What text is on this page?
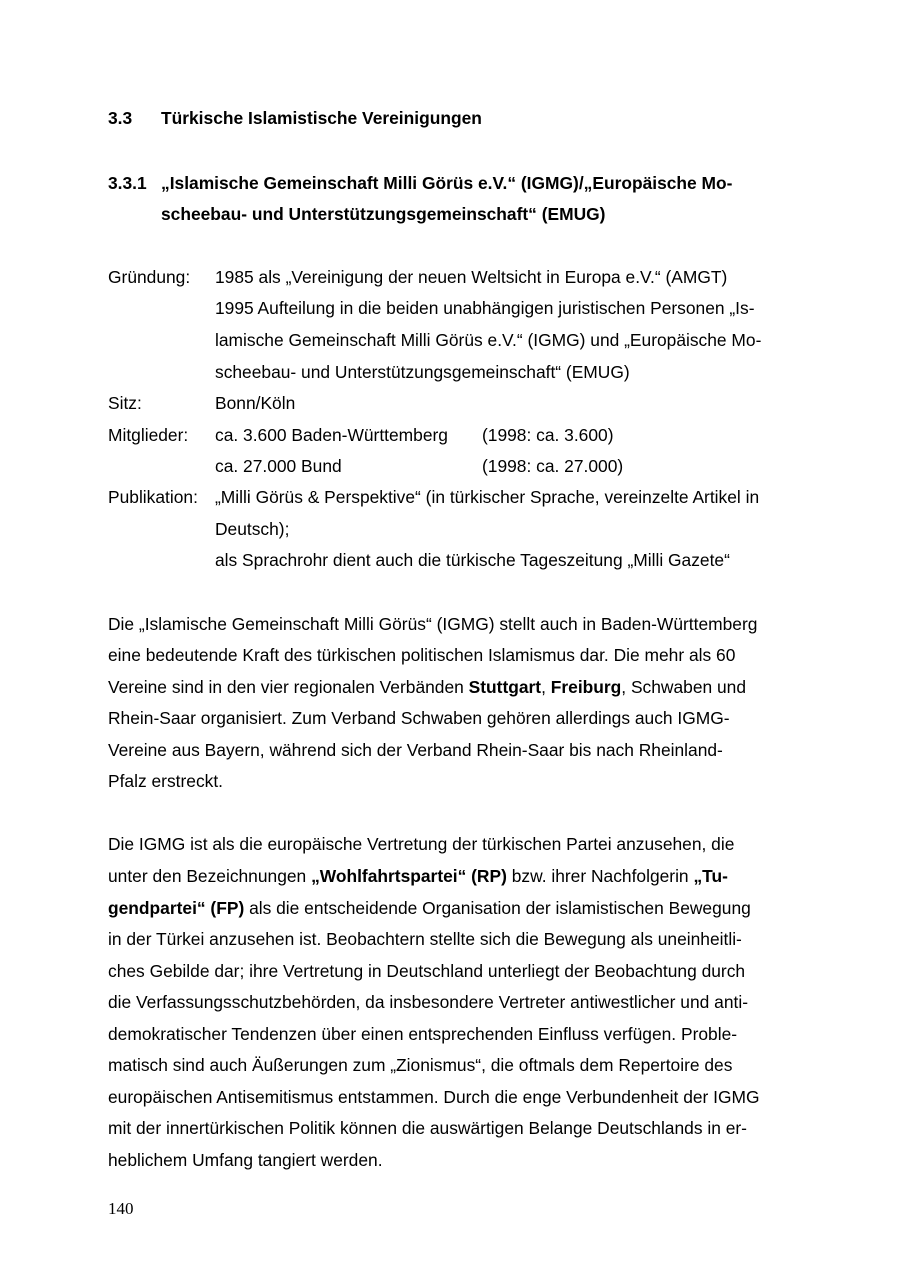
3.3 Türkische Islamistische Vereinigungen
3.3.1 „Islamische Gemeinschaft Milli Görüs e.V.“ (IGMG)/„Europäische Mo-
scheebau- und Unterstützungsgemeinschaft“ (EMUG)
Gründung: 1985 als „Vereinigung der neuen Weltsicht in Europa e.V.“ (AMGT)
1995 Aufteilung in die beiden unabhängigen juristischen Personen „Is-
lamische Gemeinschaft Milli Görüs e.V.“ (IGMG) und „Europäische Mo-
scheebau- und Unterstützungsgemeinschaft“ (EMUG)
Sitz:	Bonn/Köln
Mitglieder: ca. 3.600 Baden-Württemberg (1998: ca. 3.600)
ca. 27.000 Bund	(1998: ca. 27.000)
Publikation: „Milli Görüs & Perspektive“ (in türkischer Sprache, vereinzelte Artikel in
Deutsch);
als Sprachrohr dient auch die türkische Tageszeitung „Milli Gazete“
Die „Islamische Gemeinschaft Milli Görüs“ (IGMG) stellt auch in Baden-Württemberg
eine bedeutende Kraft des türkischen politischen Islamismus dar. Die mehr als 60
Vereine sind in den vier regionalen Verbänden Stuttgart, Freiburg, Schwaben und
Rhein-Saar organisiert. Zum Verband Schwaben gehören allerdings auch IGMG-
Vereine aus Bayern, während sich der Verband Rhein-Saar bis nach Rheinland-
Pfalz erstreckt.
Die IGMG ist als die europäische Vertretung der türkischen Partei anzusehen, die
unter den Bezeichnungen „Wohlfahrtspartei“ (RP) bzw. ihrer Nachfolgerin „Tu-
gendpartei“ (FP) als die entscheidende Organisation der islamistischen Bewegung
in der Türkei anzusehen ist. Beobachtern stellte sich die Bewegung als uneinheitli-
ches Gebilde dar; ihre Vertretung in Deutschland unterliegt der Beobachtung durch
die Verfassungsschutzbehörden, da insbesondere Vertreter antiwestlicher und anti-
demokratischer Tendenzen über einen entsprechenden Einfluss verfügen. Proble-
matisch sind auch Äußerungen zum „Zionismus“, die oftmals dem Repertoire des
europäischen Antisemitismus entstammen. Durch die enge Verbundenheit der IGMG
mit der innertürkischen Politik können die auswärtigen Belange Deutschlands in er-
heblichem Umfang tangiert werden.
140
